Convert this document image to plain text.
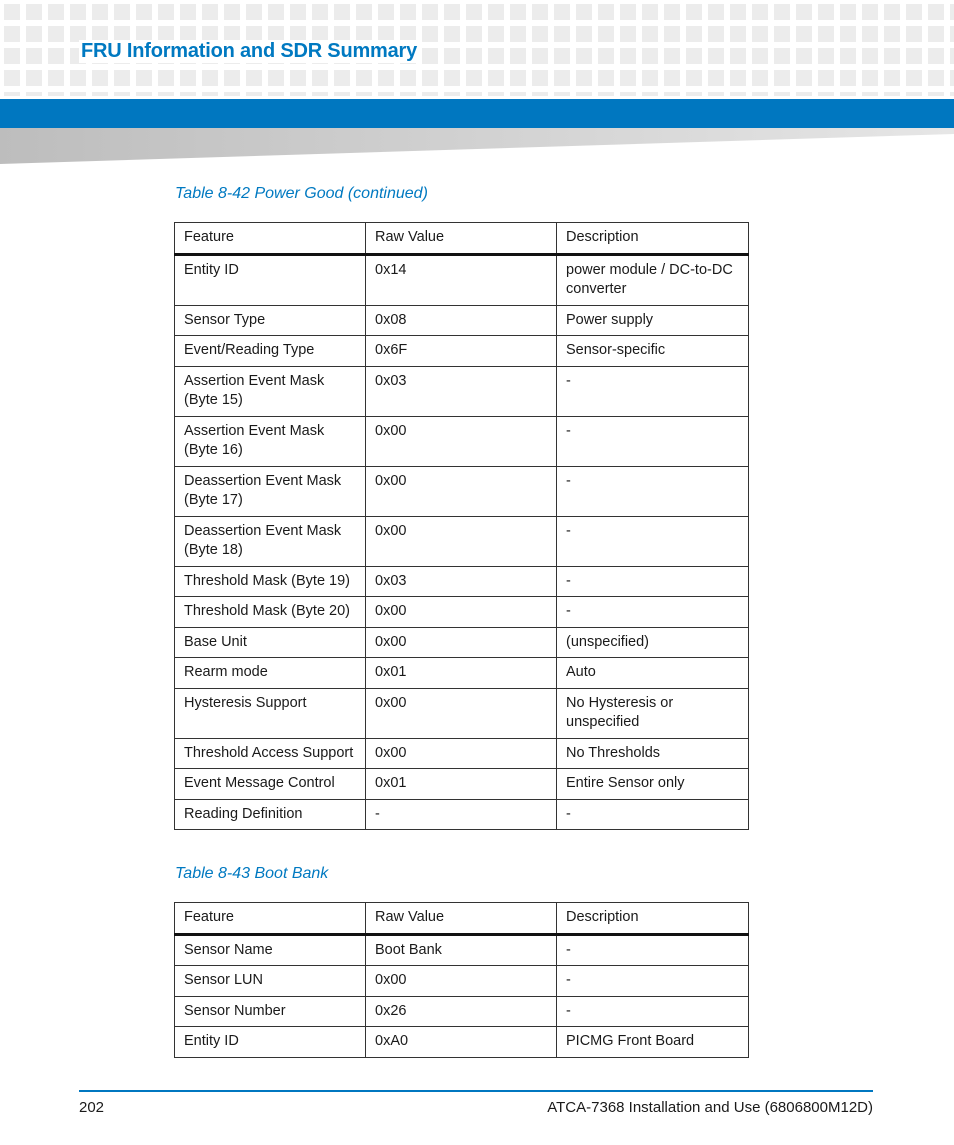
FRU Information and SDR Summary

Table 8-42 Power Good (continued)

Feature	Raw Value	Description
Entity ID	0x14	power module / DC-to-DC converter
Sensor Type	0x08	Power supply
Event/Reading Type	0x6F	Sensor-specific
Assertion Event Mask (Byte 15)	0x03	-
Assertion Event Mask (Byte 16)	0x00	-
Deassertion Event Mask (Byte 17)	0x00	-
Deassertion Event Mask (Byte 18)	0x00	-
Threshold Mask (Byte 19)	0x03	-
Threshold Mask (Byte 20)	0x00	-
Base Unit	0x00	(unspecified)
Rearm mode	0x01	Auto
Hysteresis Support	0x00	No Hysteresis or unspecified
Threshold Access Support	0x00	No Thresholds
Event Message Control	0x01	Entire Sensor only
Reading Definition	-	-

Table 8-43 Boot Bank

Feature	Raw Value	Description
Sensor Name	Boot Bank	-
Sensor LUN	0x00	-
Sensor Number	0x26	-
Entity ID	0xA0	PICMG Front Board
202	ATCA-7368 Installation and Use (6806800M12D)
